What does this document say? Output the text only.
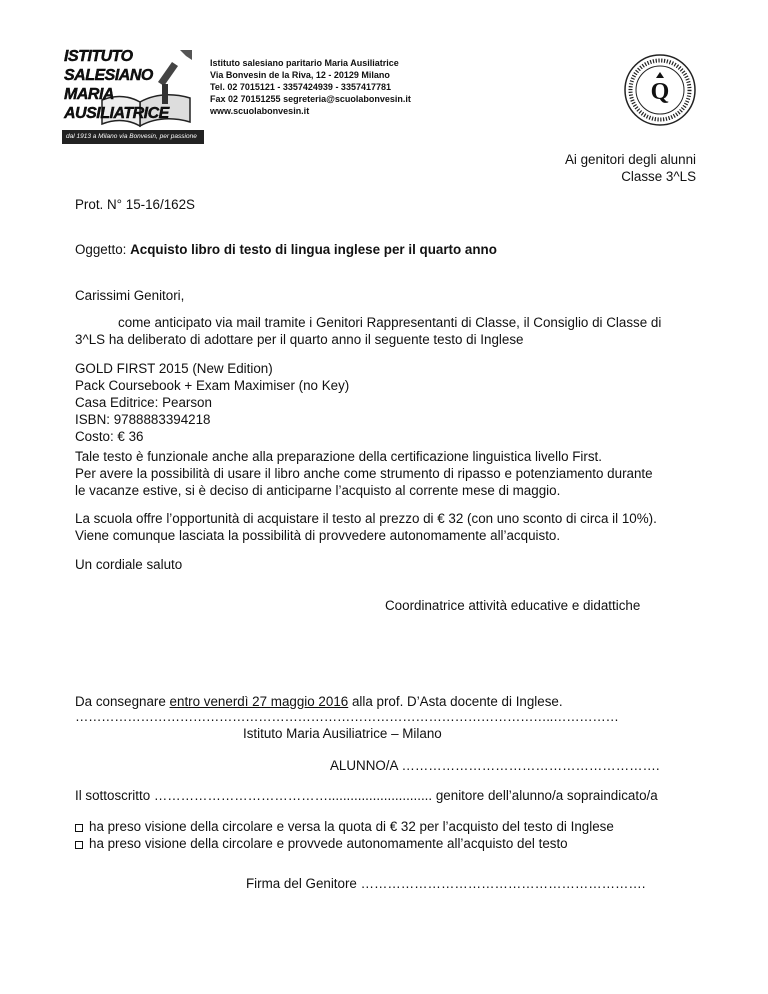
ISTITUTO
SALESIANO
MARIA
AUSILIATRICE
dal 1913 a Milano via Bonvesin, per passione
Istituto salesiano paritario Maria Ausiliatrice
Via Bonvesin de la Riva, 12 - 20129 Milano
Tel. 02 7015121 - 3357424939 - 3357417781
Fax 02 70151255 segreteria@scuolabonvesin.it
www.scuolabonvesin.it
Q
Ai genitori degli alunni
Classe 3^LS
Prot. N° 15-16/162S
Oggetto: Acquisto libro di testo di lingua inglese per il quarto anno
Carissimi Genitori,
come anticipato via mail tramite i Genitori Rappresentanti di Classe, il Consiglio di Classe di
3^LS ha deliberato di adottare per il quarto anno il seguente testo di Inglese
GOLD FIRST 2015 (New Edition)
Pack Coursebook + Exam Maximiser (no Key)
Casa Editrice: Pearson
ISBN: 9788883394218
Costo: € 36
Tale testo è funzionale anche alla preparazione della certificazione linguistica livello First.
Per avere la possibilità di usare il libro anche come strumento di ripasso e potenziamento durante
le vacanze estive, si è deciso di anticiparne l’acquisto al corrente mese di maggio.
La scuola offre l’opportunità di acquistare il testo al prezzo di € 32 (con uno sconto di circa il 10%).
Viene comunque lasciata la possibilità di provvedere autonomamente all’acquisto.
Un cordiale saluto
Coordinatrice attività educative e didattiche
Da consegnare entro venerdì 27 maggio 2016 alla prof. D’Asta docente di Inglese.
………………………………………………………………………………………………..……………
Istituto Maria Ausiliatrice – Milano
ALUNNO/A ………………………………………………….
Il sottoscritto …………………………………............................ genitore dell’alunno/a sopraindicato/a
ha preso visione della circolare e versa la quota di € 32 per l’acquisto del testo di Inglese
ha preso visione della circolare e provvede autonomamente all’acquisto del testo
Firma del Genitore ……………………………………………………….
